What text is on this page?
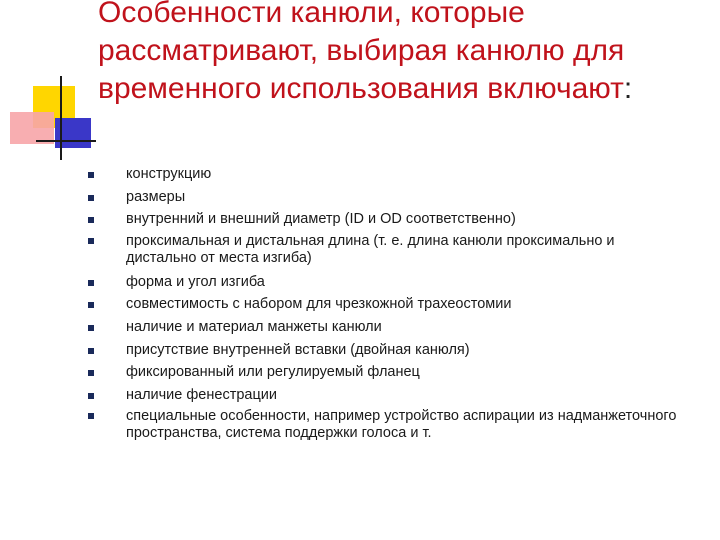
Особенности канюли, которые рассматривают, выбирая канюлю для временного использования включают:
конструкцию
размеры
внутренний и внешний диаметр (ID и OD соответственно)
проксимальная и дистальная длина (т. е. длина канюли проксимально и дистально от места изгиба)
форма и угол изгиба
совместимость с набором для чрезкожной трахеостомии
наличие и материал манжеты канюли
присутствие внутренней вставки (двойная канюля)
фиксированный или регулируемый фланец
наличие фенестрации
специальные особенности, например устройство аспирации из надманжеточного пространства, система поддержки голоса и т.
